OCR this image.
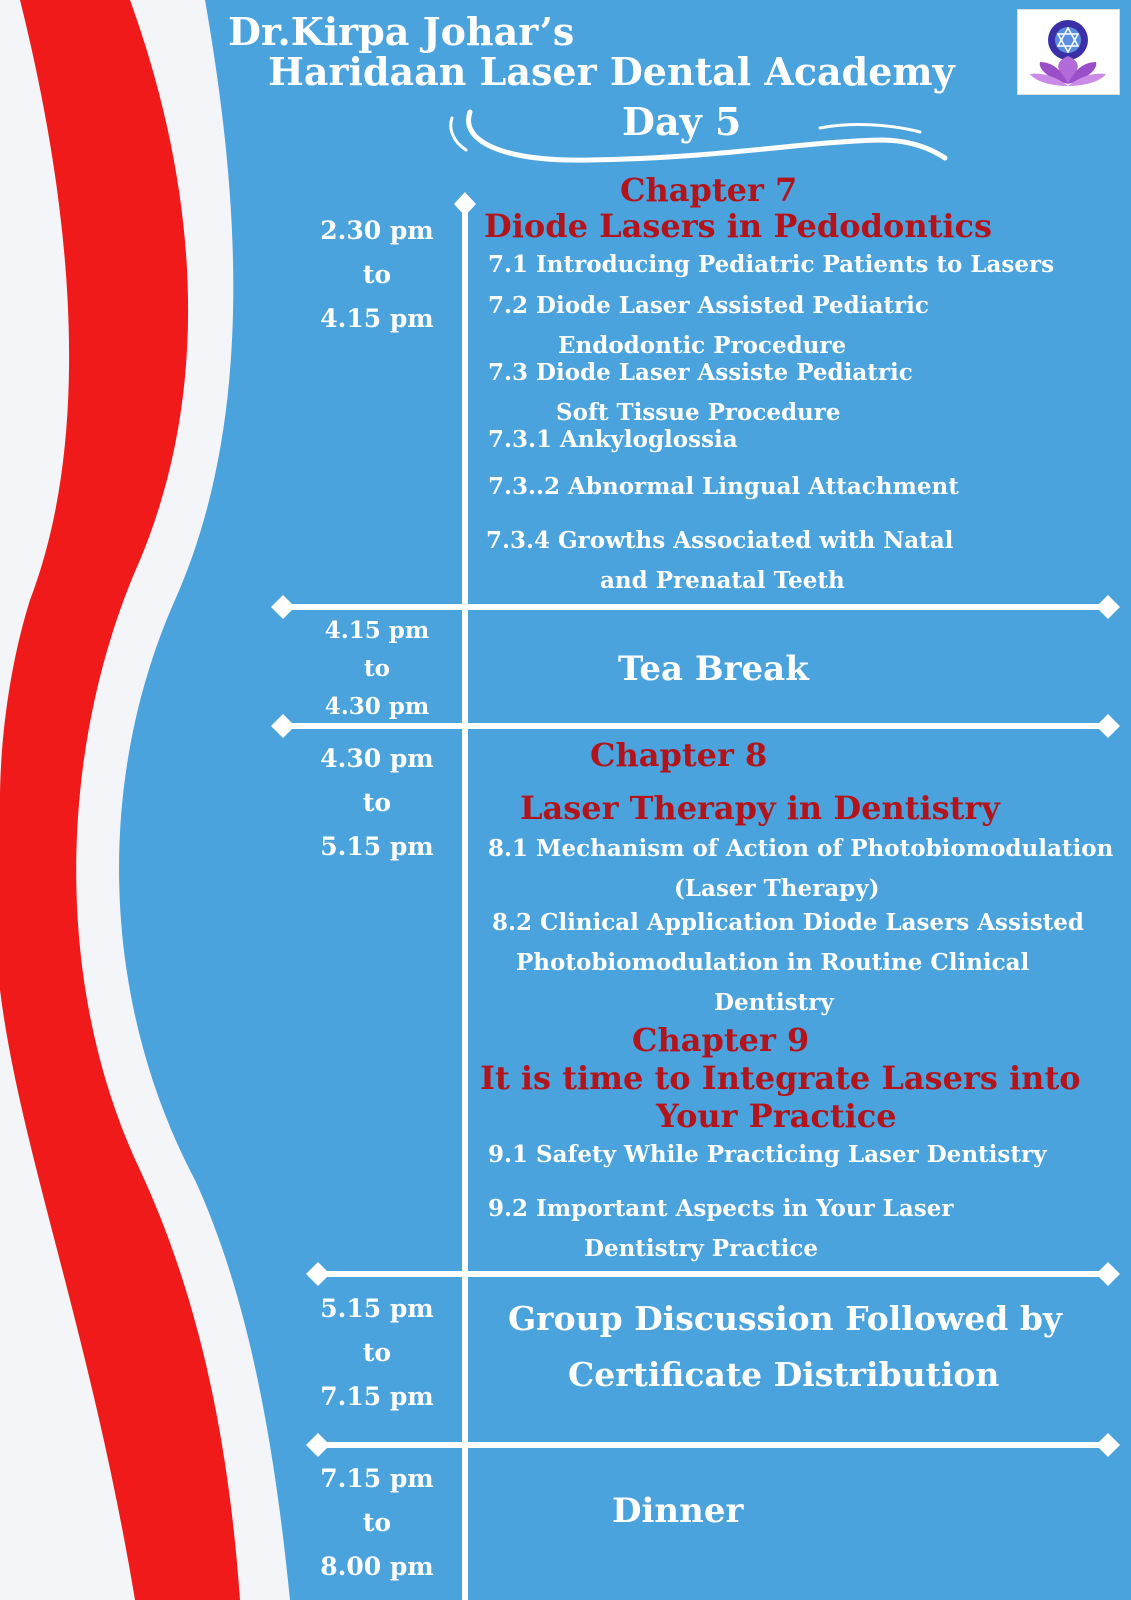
Dr.Kirpa Johar’s
Haridaan Laser Dental Academy
Day 5
2.30 pm
to
4.15 pm
Chapter 7
Diode Lasers in Pedodontics
7.1 Introducing Pediatric Patients to Lasers
7.2 Diode Laser Assisted Pediatric
Endodontic Procedure
7.3 Diode Laser Assiste Pediatric
Soft Tissue Procedure
7.3.1 Ankyloglossia
7.3..2 Abnormal Lingual Attachment
7.3.4 Growths Associated with Natal
and Prenatal Teeth
4.15 pm
to
4.30 pm
Tea Break
4.30 pm
to
5.15 pm
Chapter 8
Laser Therapy in Dentistry
8.1 Mechanism of Action of Photobiomodulation
(Laser Therapy)
8.2 Clinical Application Diode Lasers Assisted
Photobiomodulation in Routine Clinical
Dentistry
Chapter 9
It is time to Integrate Lasers into
Your Practice
9.1 Safety While Practicing Laser Dentistry
9.2 Important Aspects in Your Laser
Dentistry Practice
5.15 pm
to
7.15 pm
Group Discussion Followed by
Certificate Distribution
7.15 pm
to
8.00 pm
Dinner
